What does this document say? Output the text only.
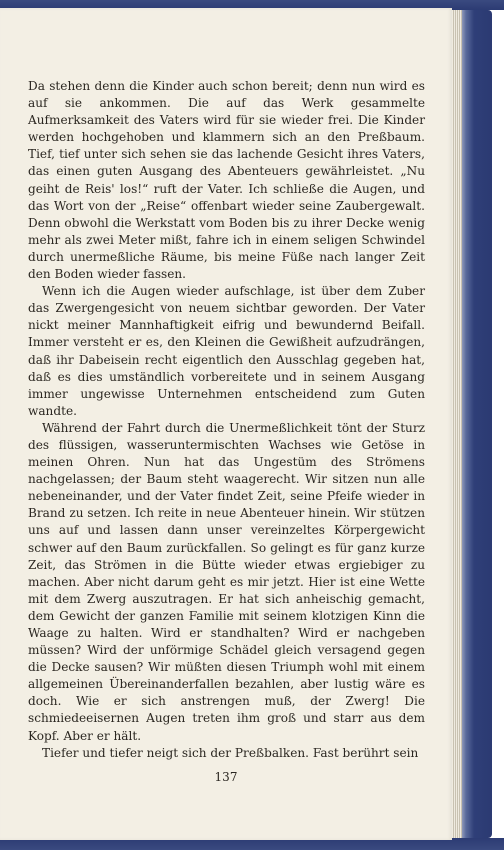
Da stehen denn die Kinder auch schon bereit; denn nun wird es auf sie ankommen. Die auf das Werk gesammelte Aufmerksamkeit des Vaters wird für sie wieder frei. Die Kinder werden hochgehoben und klammern sich an den Preßbaum. Tief, tief unter sich sehen sie das lachende Gesicht ihres Vaters, das einen guten Ausgang des Abenteuers gewährleistet. „Nu geiht de Reis' los!“ ruft der Vater. Ich schließe die Augen, und das Wort von der „Reise“ offenbart wieder seine Zaubergewalt. Denn obwohl die Werkstatt vom Boden bis zu ihrer Decke wenig mehr als zwei Meter mißt, fahre ich in einem seligen Schwindel durch unermeßliche Räume, bis meine Füße nach langer Zeit den Boden wieder fassen.

Wenn ich die Augen wieder aufschlage, ist über dem Zuber das Zwergengesicht von neuem sichtbar geworden. Der Vater nickt meiner Mannhaftigkeit eifrig und bewundernd Beifall. Immer versteht er es, den Kleinen die Gewißheit aufzudrängen, daß ihr Dabeisein recht eigentlich den Ausschlag gegeben hat, daß es dies umständlich vorbereitete und in seinem Ausgang immer ungewisse Unternehmen entscheidend zum Guten wandte.

Während der Fahrt durch die Unermeßlichkeit tönt der Sturz des flüssigen, wasseruntermischten Wachses wie Getöse in meinen Ohren. Nun hat das Ungestüm des Strömens nachgelassen; der Baum steht waagerecht. Wir sitzen nun alle nebeneinander, und der Vater findet Zeit, seine Pfeife wieder in Brand zu setzen. Ich reite in neue Abenteuer hinein. Wir stützen uns auf und lassen dann unser vereinzeltes Körpergewicht schwer auf den Baum zurückfallen. So gelingt es für ganz kurze Zeit, das Strömen in die Bütte wieder etwas ergiebiger zu machen. Aber nicht darum geht es mir jetzt. Hier ist eine Wette mit dem Zwerg auszutragen. Er hat sich anheischig gemacht, dem Gewicht der ganzen Familie mit seinem klotzigen Kinn die Waage zu halten. Wird er standhalten? Wird er nachgeben müssen? Wird der unförmige Schädel gleich versagend gegen die Decke sausen? Wir müßten diesen Triumph wohl mit einem allgemeinen Übereinanderfallen bezahlen, aber lustig wäre es doch. Wie er sich anstrengen muß, der Zwerg! Die schmiedeeisernen Augen treten ihm groß und starr aus dem Kopf. Aber er hält.

Tiefer und tiefer neigt sich der Preßbalken. Fast berührt sein

137
